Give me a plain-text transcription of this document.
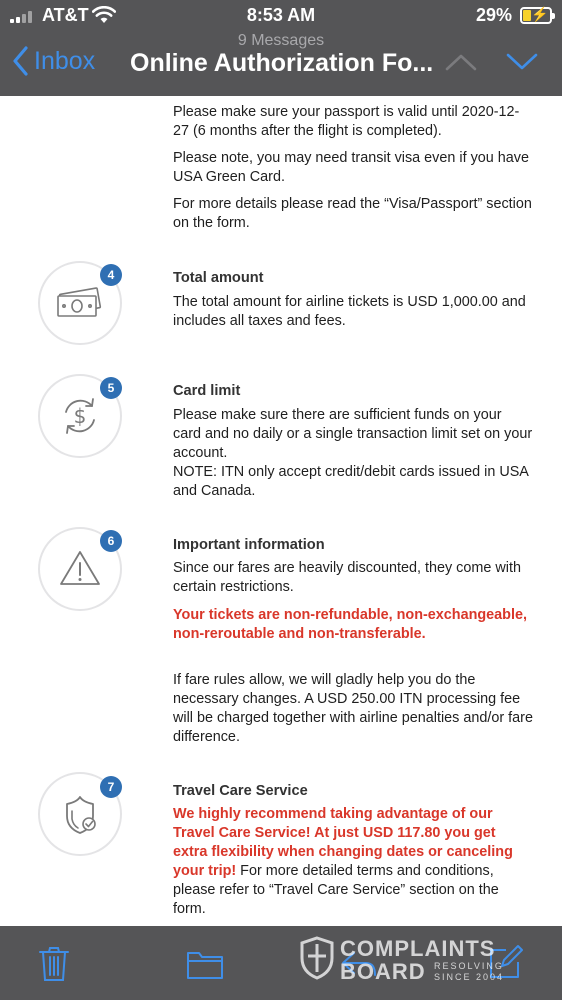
AT&T	8:53 AM	29% ⚡
9 Messages
Inbox Online Authorization Fo...

Please make sure your passport is valid until 2020-12-27 (6 months after the flight is completed).

Please note, you may need transit visa even if you have USA Green Card.

For more details please read the “Visa/Passport” section on the form.

4	Total amount

The total amount for airline tickets is USD 1,000.00 and includes all taxes and fees.

$
5	Card limit

Please make sure there are sufficient funds on your card and no daily or a single transaction limit set on your account.

NOTE: ITN only accept credit/debit cards issued in USA and Canada.

6	Important information

Since our fares are heavily discounted, they come with certain restrictions.

Your tickets are non-refundable, non-exchangeable, non-reroutable and non-transferable.

If fare rules allow, we will gladly help you do the necessary changes. A USD 250.00 ITN processing fee will be charged together with airline penalties and/or fare difference.

7	Travel Care Service

We highly recommend taking advantage of our Travel Care Service! At just USD 117.80 you get extra flexibility when changing dates or canceling your trip! For more detailed terms and conditions, please refer to “Travel Care Service” section on the form.

COMPLAINTS
BOARD RESOLVING
SINCE 2004
